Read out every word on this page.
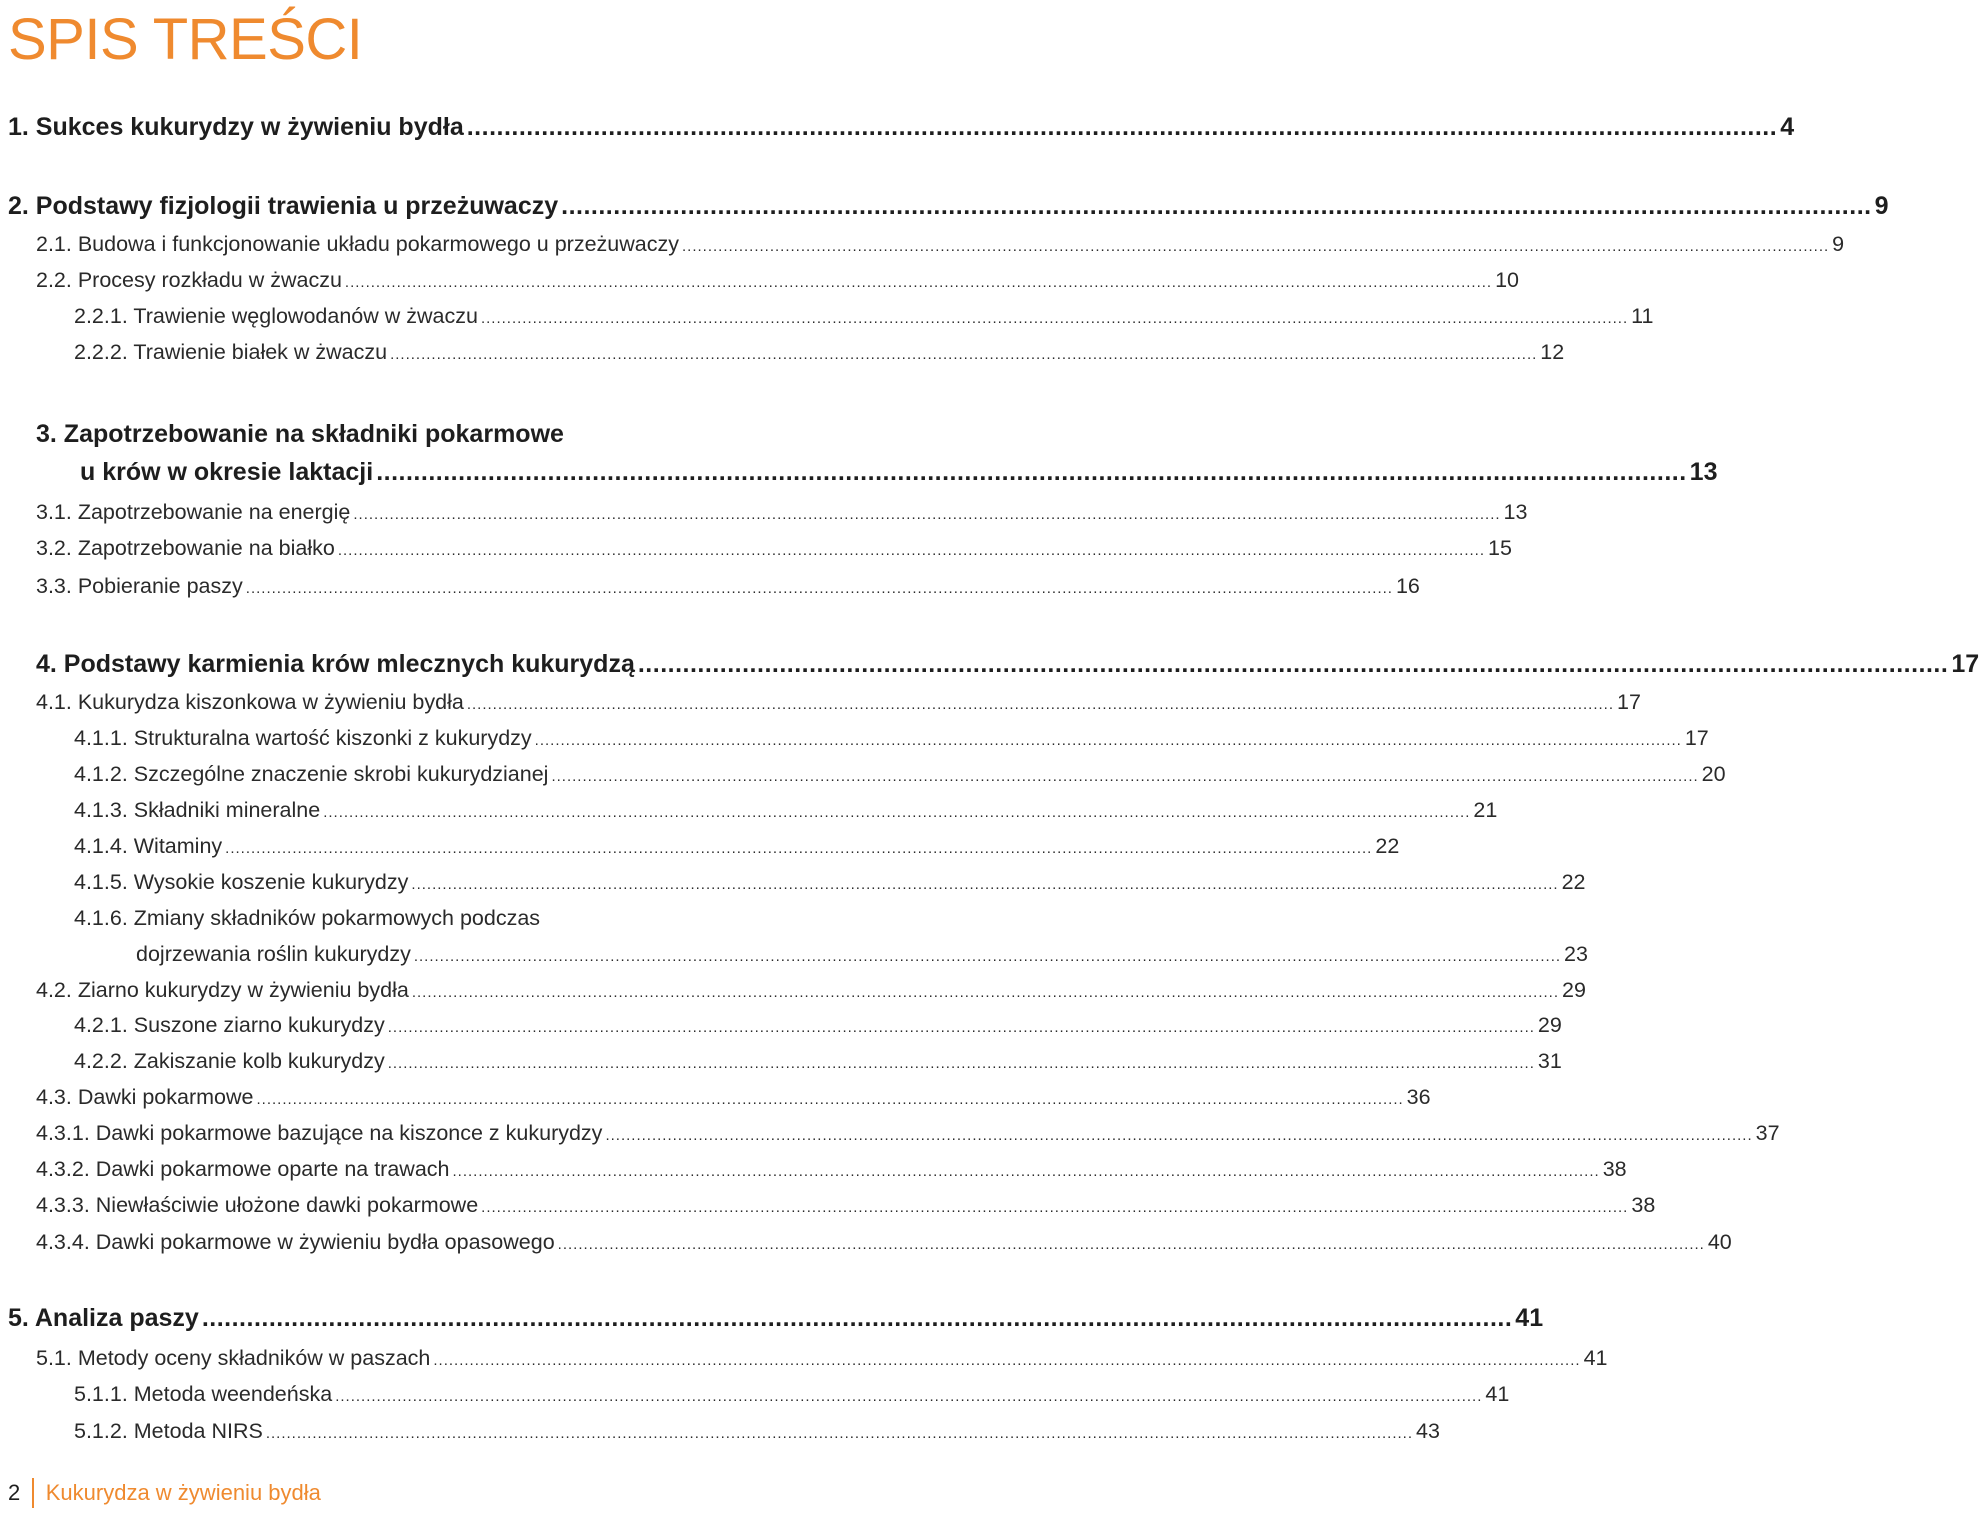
SPIS TREŚCI
1. Sukces kukurydzy w żywieniu bydła ................................................................................................................................................................................ 4
2. Podstawy fizjologii trawienia u przeżuwaczy ................................................................................................................................................................................ 9
2.1. Budowa i funkcjonowanie układu pokarmowego u przeżuwaczy .............................................................................................................................................................................................................................. 9
2.2. Procesy rozkładu w żwaczu .............................................................................................................................................................................................................................. 10
2.2.1. Trawienie węglowodanów w żwaczu .............................................................................................................................................................................................................................. 11
2.2.2. Trawienie białek w żwaczu .............................................................................................................................................................................................................................. 12
3. Zapotrzebowanie na składniki pokarmowe
u krów w okresie laktacji ................................................................................................................................................................................ 13
3.1. Zapotrzebowanie na energię .............................................................................................................................................................................................................................. 13
3.2. Zapotrzebowanie na białko .............................................................................................................................................................................................................................. 15
3.3. Pobieranie paszy .............................................................................................................................................................................................................................. 16
4. Podstawy karmienia krów mlecznych kukurydzą ................................................................................................................................................................................ 17
4.1. Kukurydza kiszonkowa w żywieniu bydła .............................................................................................................................................................................................................................. 17
4.1.1. Strukturalna wartość kiszonki z kukurydzy .............................................................................................................................................................................................................................. 17
4.1.2. Szczególne znaczenie skrobi kukurydzianej .............................................................................................................................................................................................................................. 20
4.1.3. Składniki mineralne .............................................................................................................................................................................................................................. 21
4.1.4. Witaminy .............................................................................................................................................................................................................................. 22
4.1.5. Wysokie koszenie kukurydzy .............................................................................................................................................................................................................................. 22
4.1.6. Zmiany składników pokarmowych podczas
dojrzewania roślin kukurydzy .............................................................................................................................................................................................................................. 23
4.2. Ziarno kukurydzy w żywieniu bydła .............................................................................................................................................................................................................................. 29
4.2.1. Suszone ziarno kukurydzy .............................................................................................................................................................................................................................. 29
4.2.2. Zakiszanie kolb kukurydzy .............................................................................................................................................................................................................................. 31
4.3. Dawki pokarmowe .............................................................................................................................................................................................................................. 36
4.3.1. Dawki pokarmowe bazujące na kiszonce z kukurydzy .............................................................................................................................................................................................................................. 37
4.3.2. Dawki pokarmowe oparte na trawach .............................................................................................................................................................................................................................. 38
4.3.3. Niewłaściwie ułożone dawki pokarmowe .............................................................................................................................................................................................................................. 38
4.3.4. Dawki pokarmowe w żywieniu bydła opasowego .............................................................................................................................................................................................................................. 40
5. Analiza paszy ................................................................................................................................................................................ 41
5.1. Metody oceny składników w paszach .............................................................................................................................................................................................................................. 41
5.1.1. Metoda weendeńska .............................................................................................................................................................................................................................. 41
5.1.2. Metoda NIRS .............................................................................................................................................................................................................................. 43
2 Kukurydza w żywieniu bydła
